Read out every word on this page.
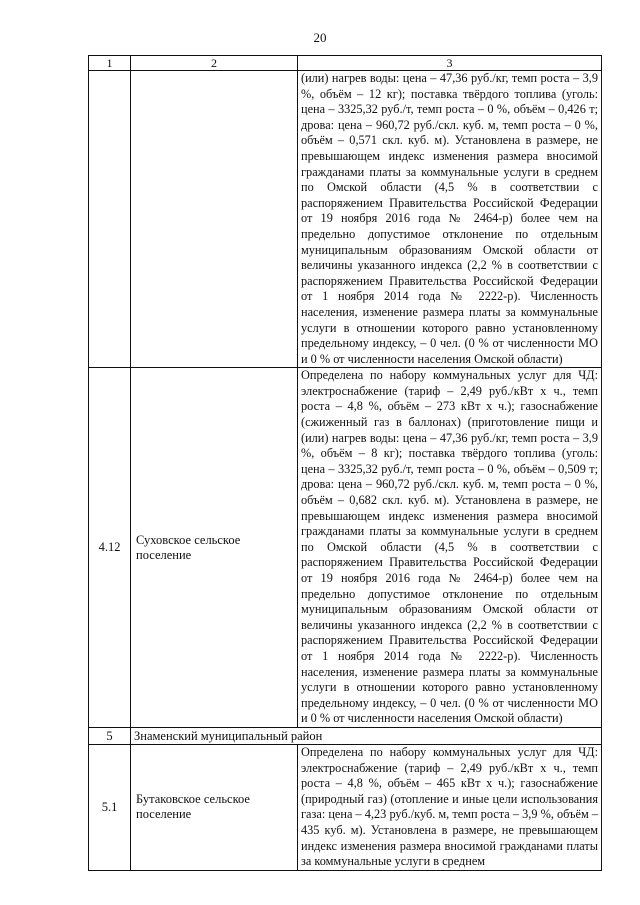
20
1	2	3
		(или) нагрев воды: цена – 47,36 руб./кг, темп роста – 3,9 %, объём – 12 кг); поставка твёрдого топлива (уголь: цена – 3325,32 руб./т, темп роста – 0 %, объём – 0,426 т; дрова: цена – 960,72 руб./скл. куб. м, темп роста – 0 %, объём – 0,571 скл. куб. м). Установлена в размере, не превышающем индекс изменения размера вносимой гражданами платы за коммунальные услуги в среднем по Омской области (4,5 % в соответствии с распоряжением Правительства Российской Федерации от 19 ноября 2016 года № 2464-р) более чем на предельно допустимое отклонение по отдельным муниципальным образованиям Омской области от величины указанного индекса (2,2 % в соответствии с распоряжением Правительства Российской Федерации от 1 ноября 2014 года № 2222-р). Численность населения, изменение размера платы за коммунальные услуги в отношении которого равно установленному предельному индексу, – 0 чел. (0 % от численности МО и 0 % от численности населения Омской области)
4.12	Суховское сельское поселение	Определена по набору коммунальных услуг для ЧД: электроснабжение (тариф – 2,49 руб./кВт х ч., темп роста – 4,8 %, объём – 273 кВт х ч.); газоснабжение (сжиженный газ в баллонах) (приготовление пищи и (или) нагрев воды: цена – 47,36 руб./кг, темп роста – 3,9 %, объём – 8 кг); поставка твёрдого топлива (уголь: цена – 3325,32 руб./т, темп роста – 0 %, объём – 0,509 т; дрова: цена – 960,72 руб./скл. куб. м, темп роста – 0 %, объём – 0,682 скл. куб. м). Установлена в размере, не превышающем индекс изменения размера вносимой гражданами платы за коммунальные услуги в среднем по Омской области (4,5 % в соответствии с распоряжением Правительства Российской Федерации от 19 ноября 2016 года № 2464-р) более чем на предельно допустимое отклонение по отдельным муниципальным образованиям Омской области от величины указанного индекса (2,2 % в соответствии с распоряжением Правительства Российской Федерации от 1 ноября 2014 года № 2222-р). Численность населения, изменение размера платы за коммунальные услуги в отношении которого равно установленному предельному индексу, – 0 чел. (0 % от численности МО и 0 % от численности населения Омской области)
5	Знаменский муниципальный район	
5.1	Бутаковское сельское поселение	Определена по набору коммунальных услуг для ЧД: электроснабжение (тариф – 2,49 руб./кВт х ч., темп роста – 4,8 %, объём – 465 кВт х ч.); газоснабжение (природный газ) (отопление и иные цели использования газа: цена – 4,23 руб./куб. м, темп роста – 3,9 %, объём – 435 куб. м). Установлена в размере, не превышающем индекс изменения размера вносимой гражданами платы за коммунальные услуги в среднем
